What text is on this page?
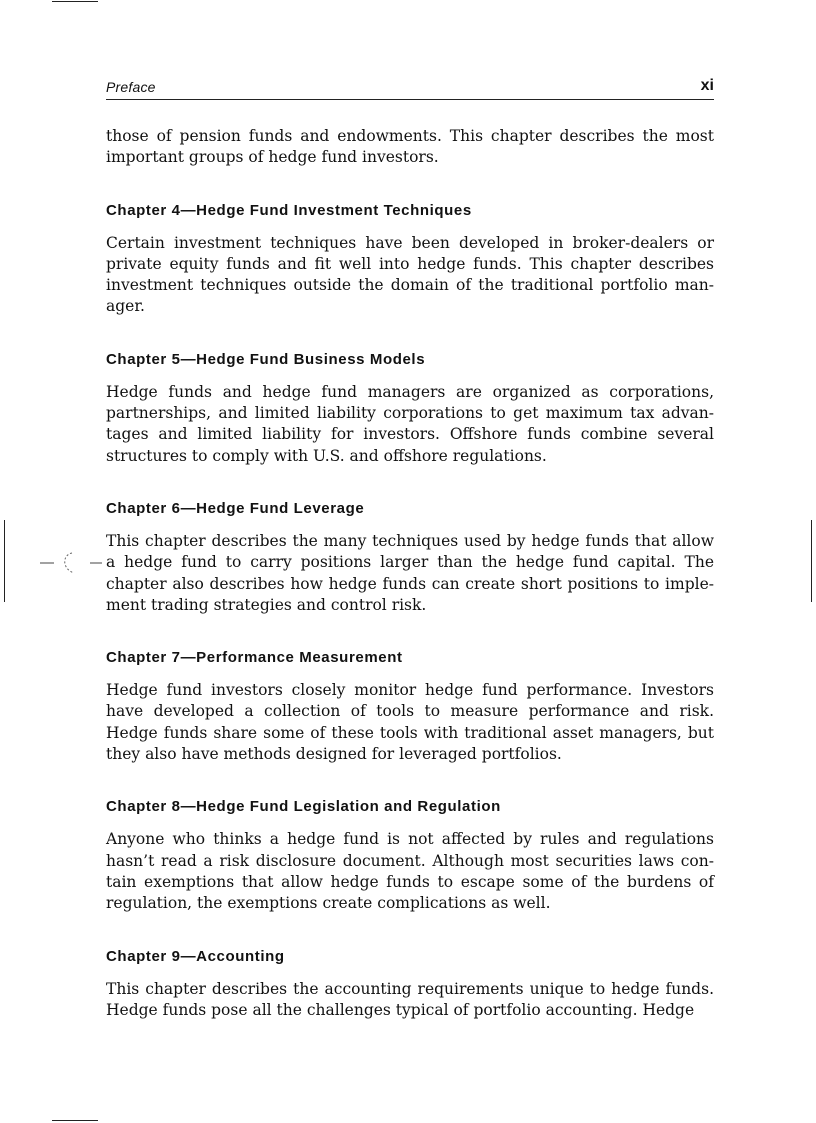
Preface	xi

those of pension funds and endowments. This chapter describes the most important groups of hedge fund investors.

Chapter 4—Hedge Fund Investment Techniques

Certain investment techniques have been developed in broker-dealers or private equity funds and fit well into hedge funds. This chapter describes investment techniques outside the domain of the traditional portfolio manager.

Chapter 5—Hedge Fund Business Models

Hedge funds and hedge fund managers are organized as corporations, partnerships, and limited liability corporations to get maximum tax advantages and limited liability for investors. Offshore funds combine several structures to comply with U.S. and offshore regulations.

Chapter 6—Hedge Fund Leverage

This chapter describes the many techniques used by hedge funds that allow a hedge fund to carry positions larger than the hedge fund capital. The chapter also describes how hedge funds can create short positions to implement trading strategies and control risk.

Chapter 7—Performance Measurement

Hedge fund investors closely monitor hedge fund performance. Investors have developed a collection of tools to measure performance and risk. Hedge funds share some of these tools with traditional asset managers, but they also have methods designed for leveraged portfolios.

Chapter 8—Hedge Fund Legislation and Regulation

Anyone who thinks a hedge fund is not affected by rules and regulations hasn’t read a risk disclosure document. Although most securities laws contain exemptions that allow hedge funds to escape some of the burdens of regulation, the exemptions create complications as well.

Chapter 9—Accounting

This chapter describes the accounting requirements unique to hedge funds. Hedge funds pose all the challenges typical of portfolio accounting. Hedge
